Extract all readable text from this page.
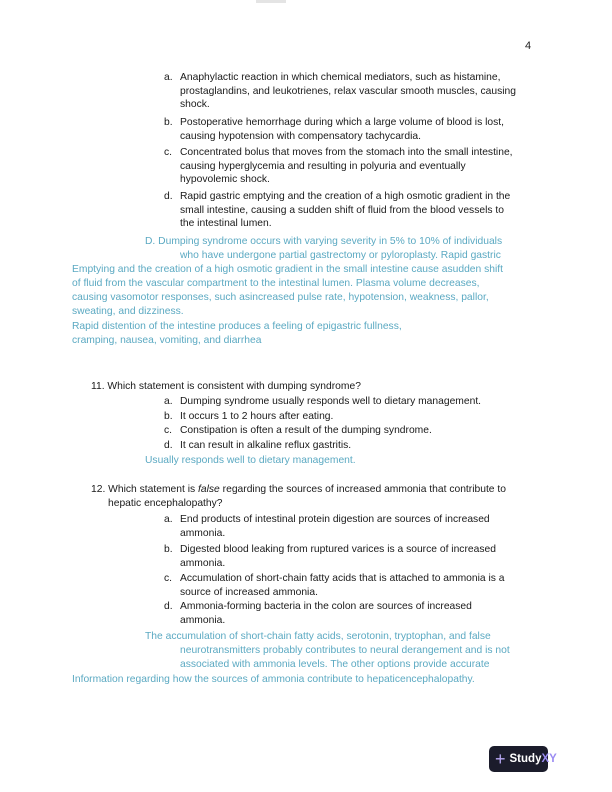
4
a. Anaphylactic reaction in which chemical mediators, such as histamine,
prostaglandins, and leukotrienes, relax vascular smooth muscles, causing
shock.
b. Postoperative hemorrhage during which a large volume of blood is lost,
causing hypotension with compensatory tachycardia.
c. Concentrated bolus that moves from the stomach into the small intestine,
causing hyperglycemia and resulting in polyuria and eventually
hypovolemic shock.
d. Rapid gastric emptying and the creation of a high osmotic gradient in the
small intestine, causing a sudden shift of fluid from the blood vessels to
the intestinal lumen.
D. Dumping syndrome occurs with varying severity in 5% to 10% of individuals
who have undergone partial gastrectomy or pyloroplasty. Rapid gastric
Emptying and the creation of a high osmotic gradient in the small intestine cause asudden shift
of fluid from the vascular compartment to the intestinal lumen. Plasma volume decreases,
causing vasomotor responses, such asincreased pulse rate, hypotension, weakness, pallor,
sweating, and dizziness.
Rapid distention of the intestine produces a feeling of epigastric fullness,
cramping, nausea, vomiting, and diarrhea
11. Which statement is consistent with dumping syndrome?
a. Dumping syndrome usually responds well to dietary management.
b. It occurs 1 to 2 hours after eating.
c. Constipation is often a result of the dumping syndrome.
d. It can result in alkaline reflux gastritis.
Usually responds well to dietary management.
12. Which statement is false regarding the sources of increased ammonia that contribute to
hepatic encephalopathy?
a. End products of intestinal protein digestion are sources of increased
ammonia.
b. Digested blood leaking from ruptured varices is a source of increased
ammonia.
c. Accumulation of short-chain fatty acids that is attached to ammonia is a
source of increased ammonia.
d. Ammonia-forming bacteria in the colon are sources of increased
ammonia.
The accumulation of short-chain fatty acids, serotonin, tryptophan, and false
neurotransmitters probably contributes to neural derangement and is not
associated with ammonia levels. The other options provide accurate
Information regarding how the sources of ammonia contribute to hepaticencephalopathy.
+ Study XY
